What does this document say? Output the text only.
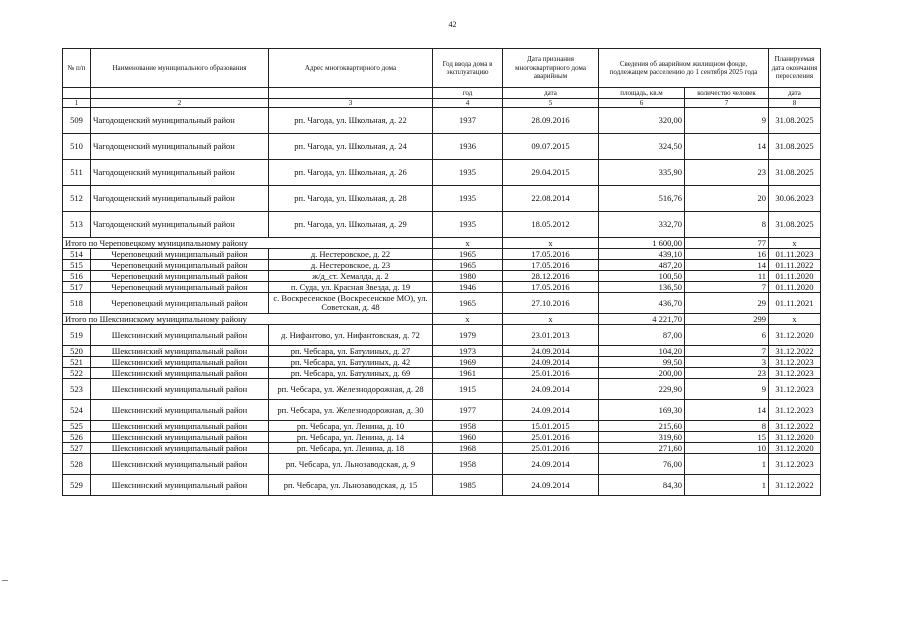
42
№ п/п	Наименование муниципального образования	Адрес многоквартирного дома	Год ввода дома в эксплуатацию	Дата признания многоквартирного дома аварийным	Сведения об аварийном жилищном фонде, подлежащем расселению до 1 сентября 2025 года		Планируемая дата окончания переселения
			год	дата	площадь, кв.м	количество человек	дата
1	2	3	4	5	6	7	8
509	Чагодощенский муниципальный район	рп. Чагода, ул. Школьная, д. 22	1937	28.09.2016	320,00	9	31.08.2025
510	Чагодощенский муниципальный район	рп. Чагода, ул. Школьная, д. 24	1936	09.07.2015	324,50	14	31.08.2025
511	Чагодощенский муниципальный район	рп. Чагода, ул. Школьная, д. 26	1935	29.04.2015	335,90	23	31.08.2025
512	Чагодощенский муниципальный район	рп. Чагода, ул. Школьная, д. 28	1935	22.08.2014	516,76	20	30.06.2023
513	Чагодощенский муниципальный район	рп. Чагода, ул. Школьная, д. 29	1935	18.05.2012	332,70	8	31.08.2025
Итого по Череповецкому муниципальному району			x	x	1 600,00	77	x
514	Череповецкий муниципальный район	д. Нестеровское, д. 22	1965	17.05.2016	439,10	16	01.11.2023
515	Череповецкий муниципальный район	д. Нестеровское, д. 23	1965	17.05.2016	487,20	14	01.11.2022
516	Череповецкий муниципальный район	ж/д_ст. Хемалда, д. 2	1980	28.12.2016	100,50	11	01.11.2020
517	Череповецкий муниципальный район	п. Суда, ул. Красная Звезда, д. 19	1946	17.05.2016	136,50	7	01.11.2020
518	Череповецкий муниципальный район	с. Воскресенское (Воскресенское МО), ул. Советская, д. 48	1965	27.10.2016	436,70	29	01.11.2021
Итого по Шекснинскому муниципальному району			x	x	4 221,70	299	x
519	Шекснинский муниципальный район	д. Нифантово, ул. Нифантовская, д. 72	1979	23.01.2013	87,00	6	31.12.2020
520	Шекснинский муниципальный район	рп. Чебсара, ул. Батулиных, д. 27	1973	24.09.2014	104,20	7	31.12.2022
521	Шекснинский муниципальный район	рп. Чебсара, ул. Батулиных, д. 42	1969	24.09.2014	99,50	3	31.12.2023
522	Шекснинский муниципальный район	рп. Чебсара, ул. Батулиных, д. 69	1961	25.01.2016	200,00	23	31.12.2023
523	Шекснинский муниципальный район	рп. Чебсара, ул. Железнодорожная, д. 28	1915	24.09.2014	229,90	9	31.12.2023
524	Шекснинский муниципальный район	рп. Чебсара, ул. Железнодорожная, д. 30	1977	24.09.2014	169,30	14	31.12.2023
525	Шекснинский муниципальный район	рп. Чебсара, ул. Ленина, д. 10	1958	15.01.2015	215,60	8	31.12.2022
526	Шекснинский муниципальный район	рп. Чебсара, ул. Ленина, д. 14	1960	25.01.2016	319,60	15	31.12.2020
527	Шекснинский муниципальный район	рп. Чебсара, ул. Ленина, д. 18	1968	25.01.2016	271,60	10	31.12.2020
528	Шекснинский муниципальный район	рп. Чебсара, ул. Льнозаводская, д. 9	1958	24.09.2014	76,00	1	31.12.2023
529	Шекснинский муниципальный район	рп. Чебсара, ул. Льнозаводская, д. 15	1985	24.09.2014	84,30	1	31.12.2022
